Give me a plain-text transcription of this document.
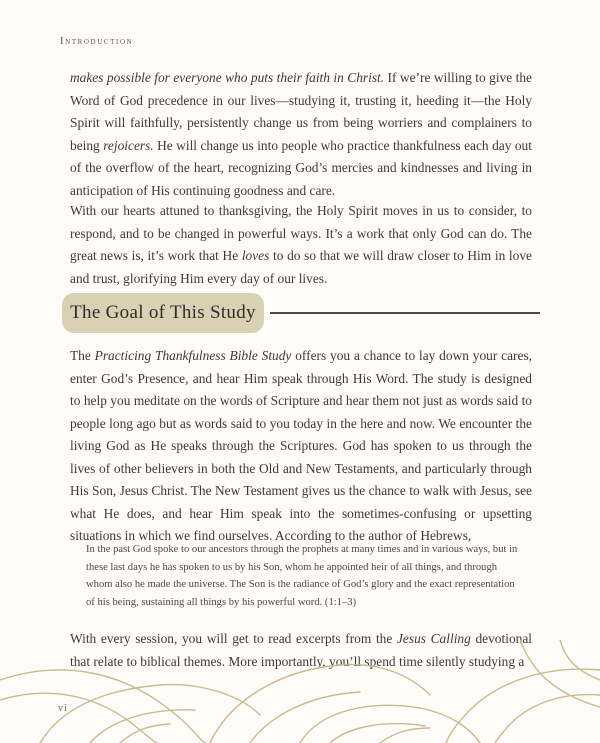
Introduction

makes possible for everyone who puts their faith in Christ. If we’re willing to give the Word of God precedence in our lives—studying it, trusting it, heeding it—the Holy Spirit will faithfully, persistently change us from being worriers and complainers to being rejoicers. He will change us into people who practice thankfulness each day out of the overflow of the heart, recognizing God’s mercies and kindnesses and living in anticipation of His continuing goodness and care.

With our hearts attuned to thanksgiving, the Holy Spirit moves in us to consider, to respond, and to be changed in powerful ways. It’s a work that only God can do. The great news is, it’s work that He loves to do so that we will draw closer to Him in love and trust, glorifying Him every day of our lives.

The Goal of This Study

The Practicing Thankfulness Bible Study offers you a chance to lay down your cares, enter God’s Presence, and hear Him speak through His Word. The study is designed to help you meditate on the words of Scripture and hear them not just as words said to people long ago but as words said to you today in the here and now. We encounter the living God as He speaks through the Scriptures. God has spoken to us through the lives of other believers in both the Old and New Testaments, and particularly through His Son, Jesus Christ. The New Testament gives us the chance to walk with Jesus, see what He does, and hear Him speak into the sometimes-confusing or upsetting situations in which we find ourselves. According to the author of Hebrews,

In the past God spoke to our ancestors through the prophets at many times and in various ways, but in these last days he has spoken to us by his Son, whom he appointed heir of all things, and through whom also he made the universe. The Son is the radiance of God’s glory and the exact representation of his being, sustaining all things by his powerful word. (1:1–3)

With every session, you will get to read excerpts from the Jesus Calling devotional that relate to biblical themes. More importantly, you’ll spend time silently studying a

vi
